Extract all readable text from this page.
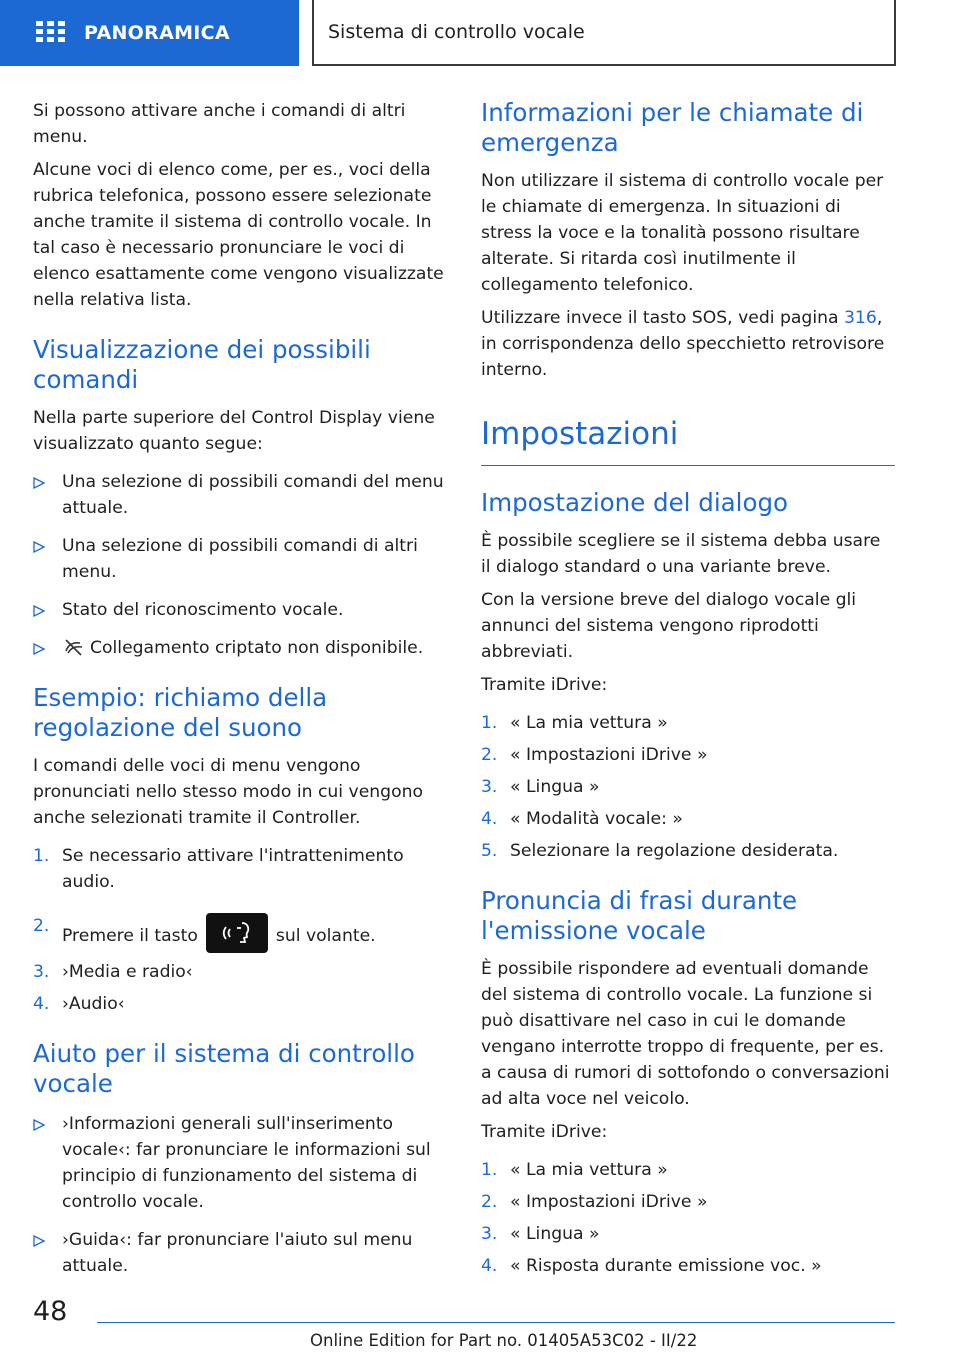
PANORAMICA	Sistema di controllo vocale

Si possono attivare anche i comandi di altri menu.

Alcune voci di elenco come, per es., voci della rubrica telefonica, possono essere selezionate anche tramite il sistema di controllo vocale. In tal caso è necessario pronunciare le voci di elenco esattamente come vengono visualizzate nella relativa lista.

Visualizzazione dei possibili comandi

Nella parte superiore del Control Display viene visualizzato quanto segue:

Una selezione di possibili comandi del menu attuale.
Una selezione di possibili comandi di altri menu.
Stato del riconoscimento vocale.
Collegamento criptato non disponibile.
Esempio: richiamo della regolazione del suono

I comandi delle voci di menu vengono pronunciati nello stesso modo in cui vengono anche selezionati tramite il Controller.

1. Se necessario attivare l'intrattenimento audio.
2. Premere il tasto	sul volante.
3. ›Media e radio‹
4. ›Audio‹
Aiuto per il sistema di controllo vocale
›Informazioni generali sull'inserimento vocale‹: far pronunciare le informazioni sul principio di funzionamento del sistema di controllo vocale.
›Guida‹: far pronunciare l'aiuto sul menu attuale.
Informazioni per le chiamate di emergenza

Non utilizzare il sistema di controllo vocale per le chiamate di emergenza. In situazioni di stress la voce e la tonalità possono risultare alterate. Si ritarda così inutilmente il collegamento telefonico.

Utilizzare invece il tasto SOS, vedi pagina 316, in corrispondenza dello specchietto retrovisore interno.

Impostazioni
Impostazione del dialogo

È possibile scegliere se il sistema debba usare il dialogo standard o una variante breve.

Con la versione breve del dialogo vocale gli annunci del sistema vengono riprodotti abbreviati.

Tramite iDrive:

1. « La mia vettura »
2. « Impostazioni iDrive »
3. « Lingua »
4. « Modalità vocale: »
5. Selezionare la regolazione desiderata.
Pronuncia di frasi durante l'emissione vocale

È possibile rispondere ad eventuali domande del sistema di controllo vocale. La funzione si può disattivare nel caso in cui le domande vengano interrotte troppo di frequente, per es. a causa di rumori di sottofondo o conversazioni ad alta voce nel veicolo.

Tramite iDrive:

1. « La mia vettura »
2. « Impostazioni iDrive »
3. « Lingua »
4. « Risposta durante emissione voc. »
48
Online Edition for Part no. 01405A53C02 - II/22
